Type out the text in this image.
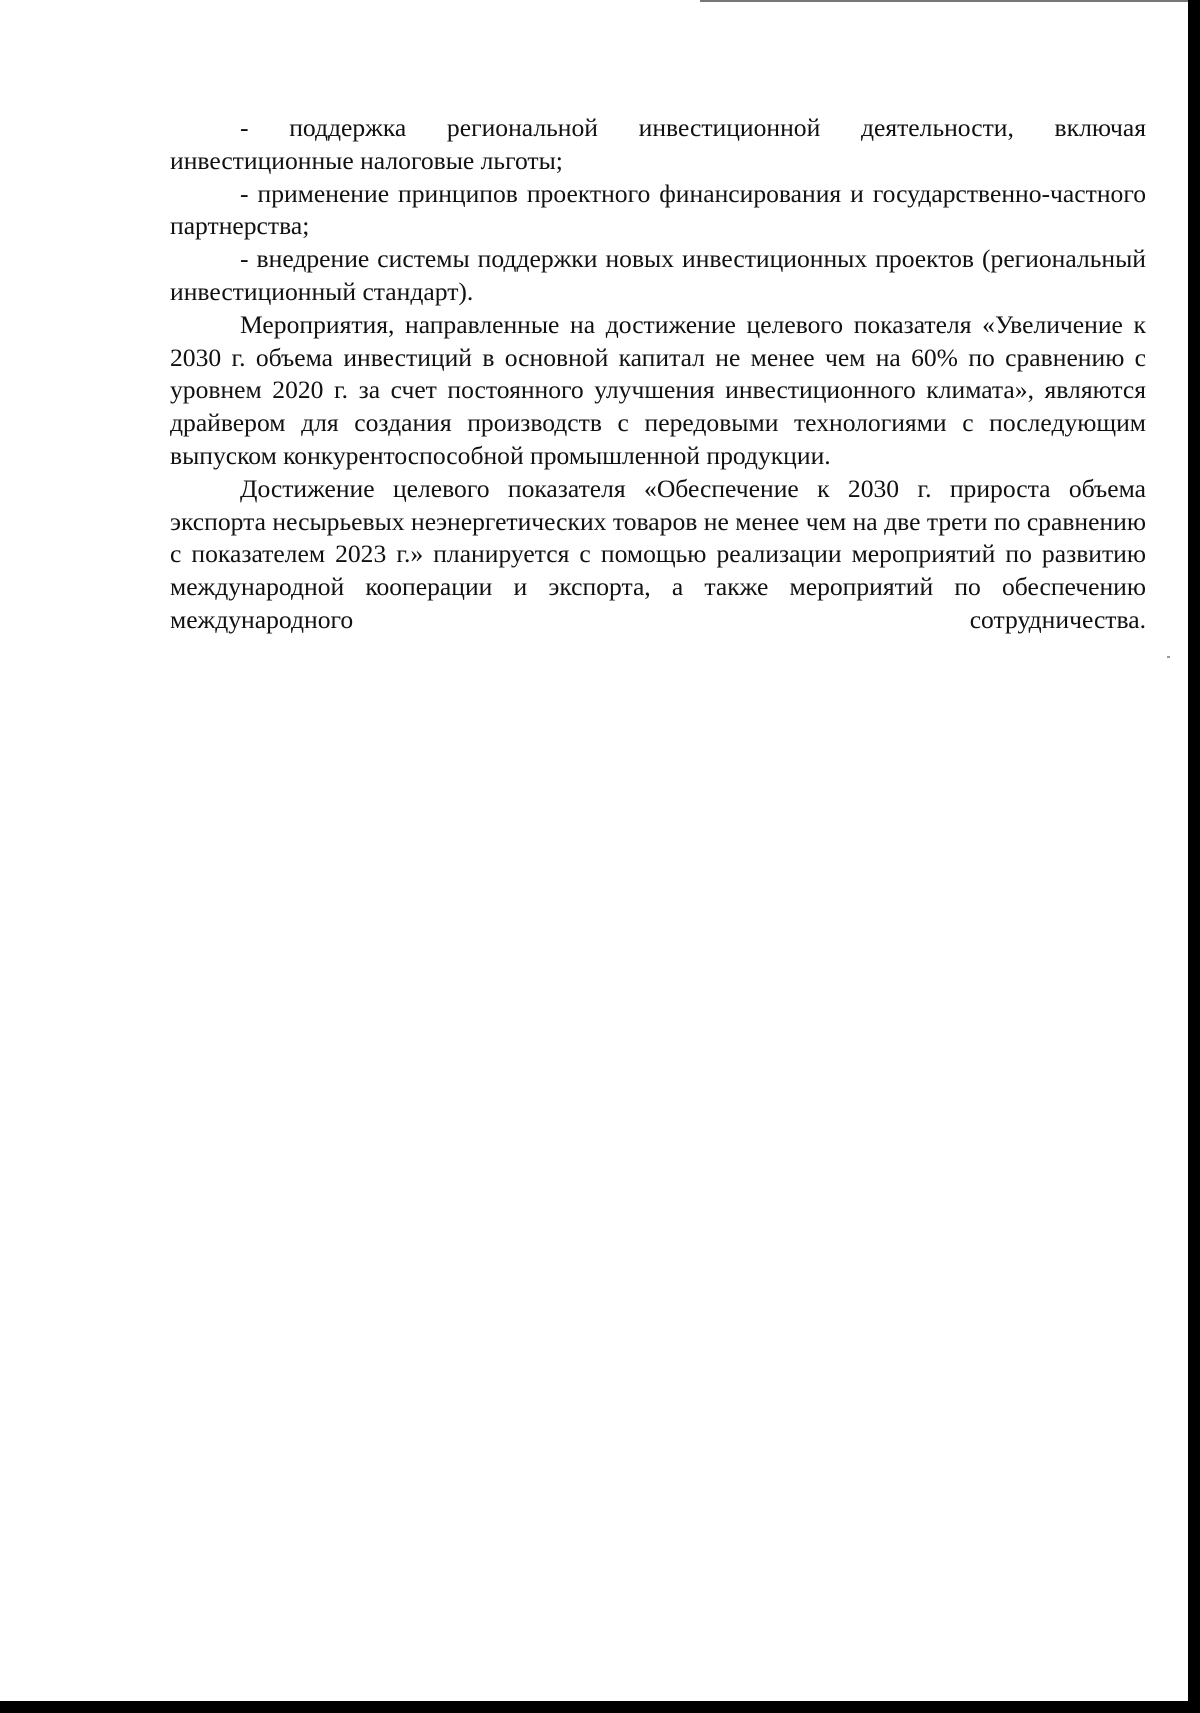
- поддержка региональной инвестиционной деятельности, включая инвестиционные налоговые льготы;

- применение принципов проектного финансирования и государственно-частного партнерства;

- внедрение системы поддержки новых инвестиционных проектов (региональный инвестиционный стандарт).

Мероприятия, направленные на достижение целевого показателя «Увеличение к 2030 г. объема инвестиций в основной капитал не менее чем на 60% по сравнению с уровнем 2020 г. за счет постоянного улучшения инвестиционного климата», являются драйвером для создания производств с передовыми технологиями с последующим выпуском конкурентоспособной промышленной продукции.

Достижение целевого показателя «Обеспечение к 2030 г. прироста объема экспорта несырьевых неэнергетических товаров не менее чем на две трети по сравнению с показателем 2023 г.» планируется с помощью реализации мероприятий по развитию международной кооперации и экспорта, а также мероприятий по обеспечению международного сотрудничества.
